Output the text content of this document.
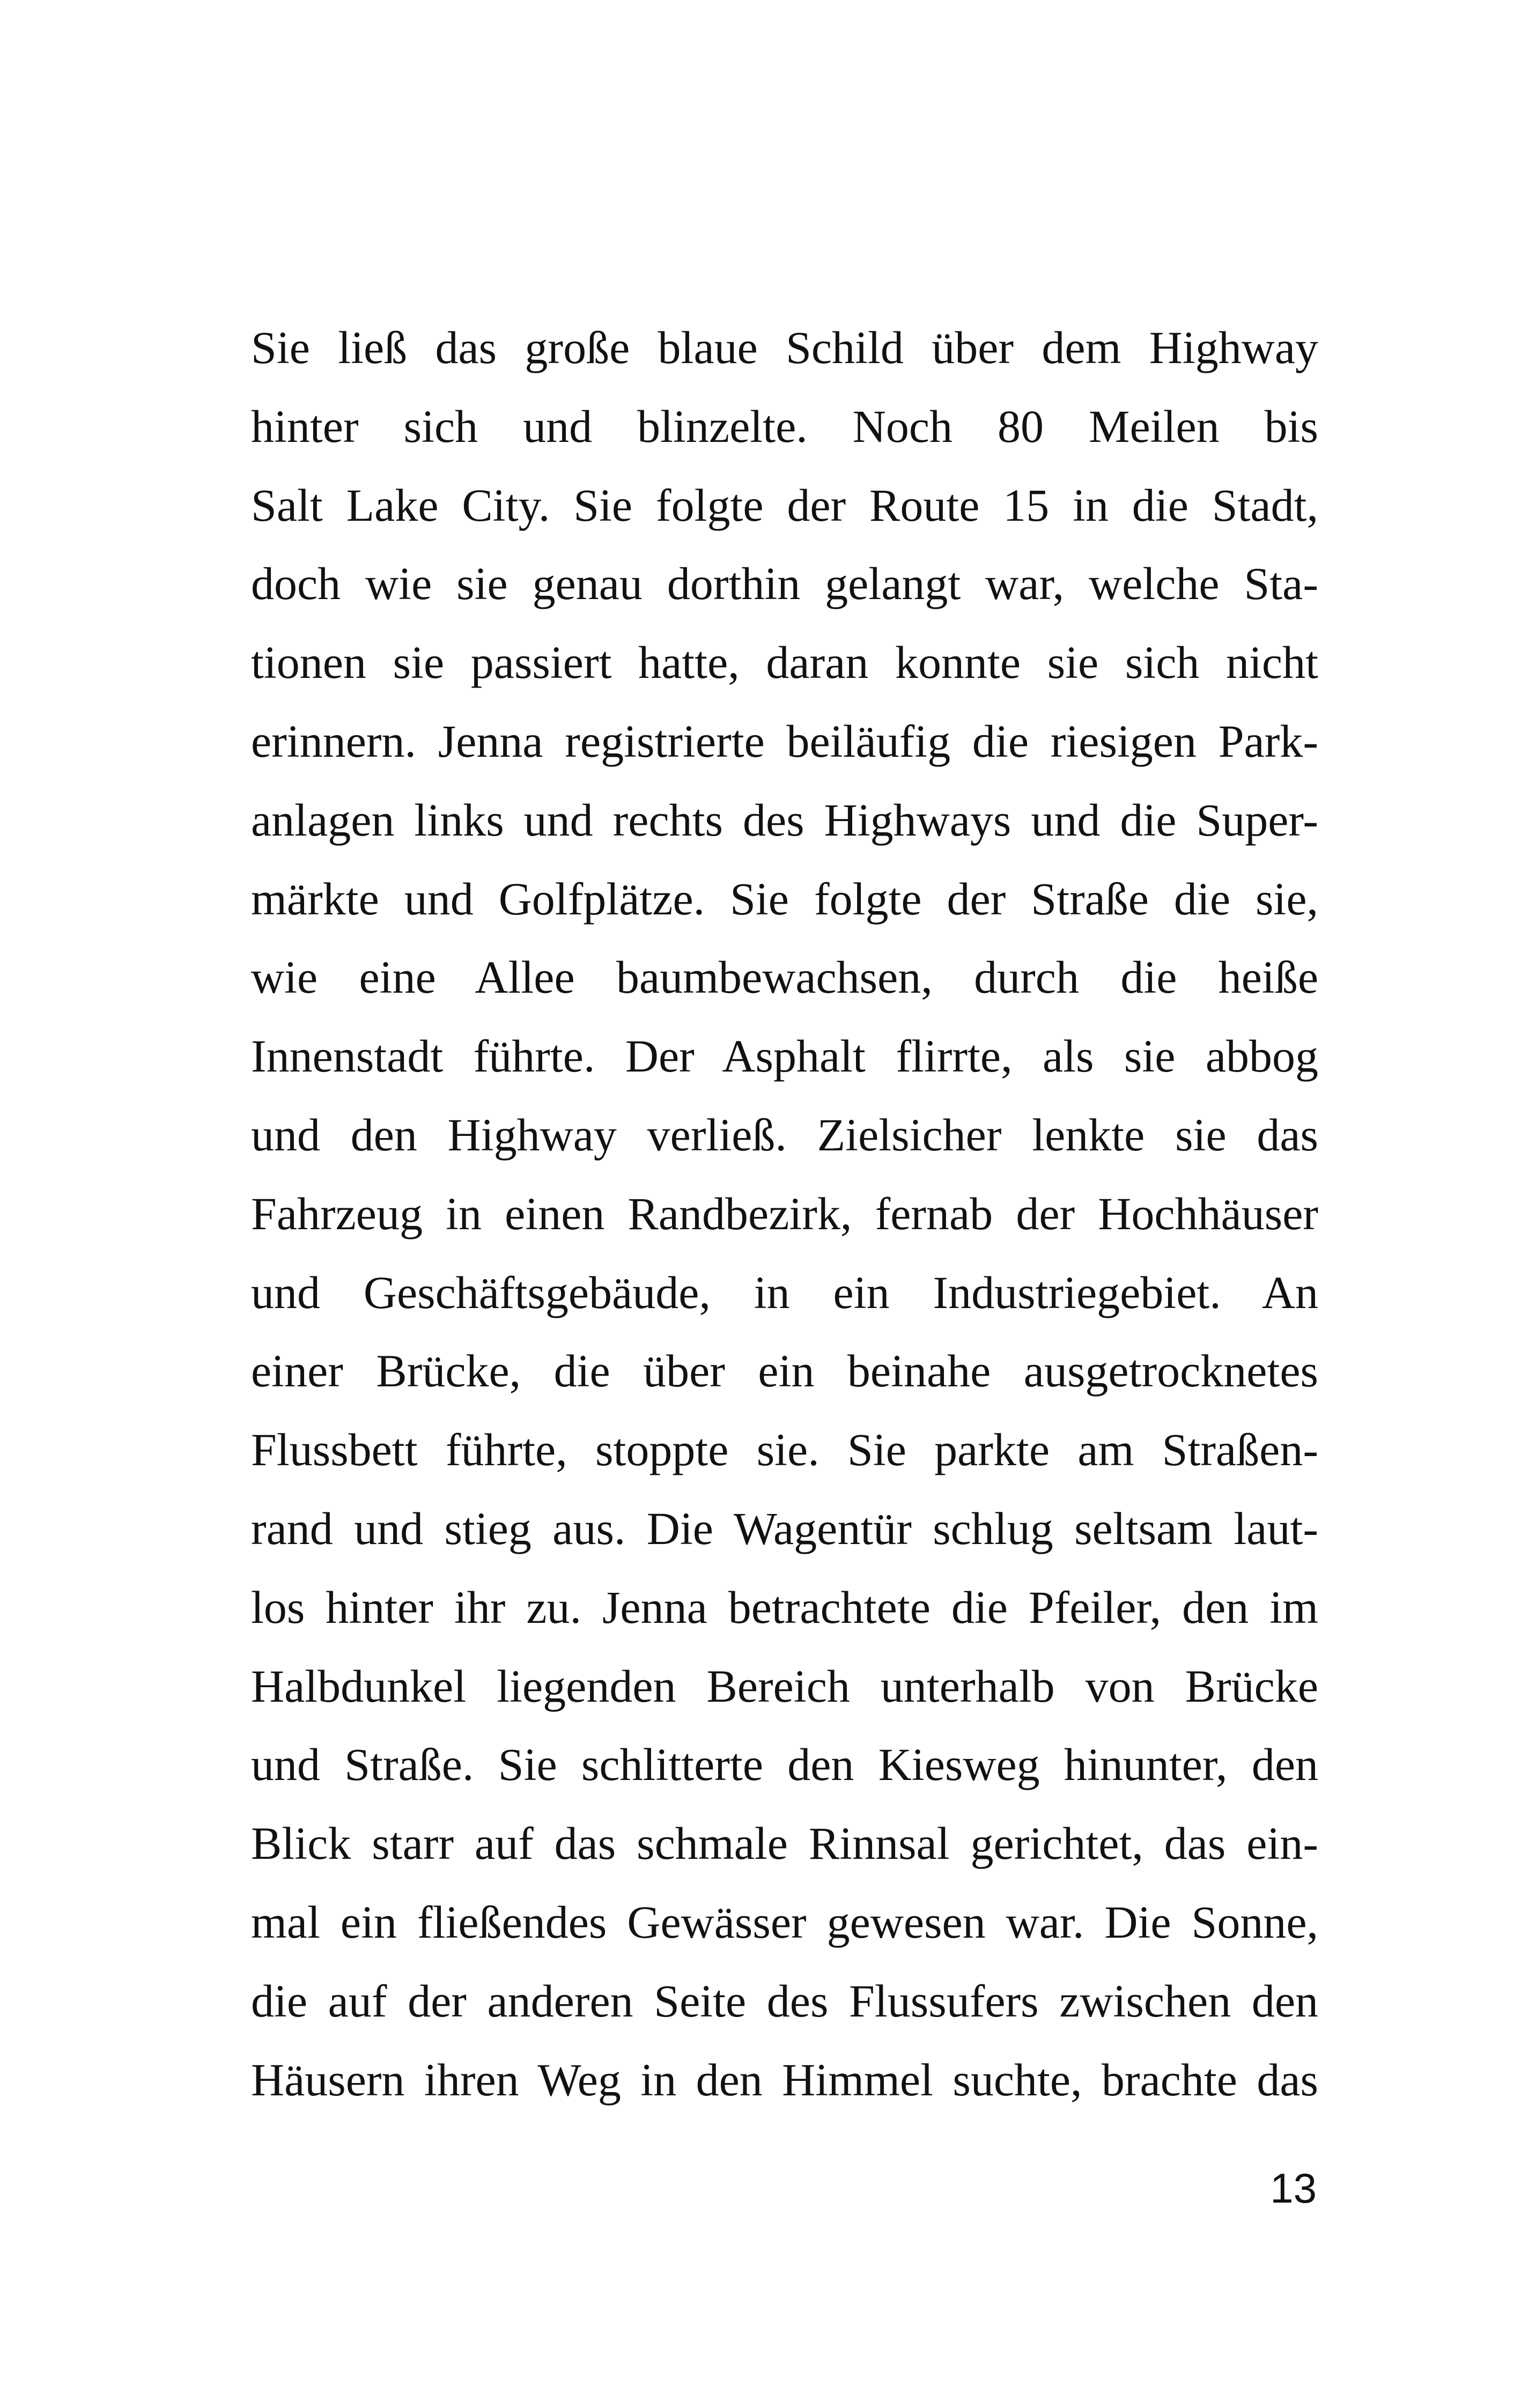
Sie ließ das große blaue Schild über dem Highway
hinter sich und blinzelte. Noch 80 Meilen bis
Salt Lake City. Sie folgte der Route 15 in die Stadt,
doch wie sie genau dorthin gelangt war, welche Sta-
tionen sie passiert hatte, daran konnte sie sich nicht
erinnern. Jenna registrierte beiläufig die riesigen Park-
anlagen links und rechts des Highways und die Super-
märkte und Golfplätze. Sie folgte der Straße die sie,
wie eine Allee baumbewachsen, durch die heiße
Innenstadt führte. Der Asphalt flirrte, als sie abbog
und den Highway verließ. Zielsicher lenkte sie das
Fahrzeug in einen Randbezirk, fernab der Hochhäuser
und Geschäftsgebäude, in ein Industriegebiet. An
einer Brücke, die über ein beinahe ausgetrocknetes
Flussbett führte, stoppte sie. Sie parkte am Straßen-
rand und stieg aus. Die Wagentür schlug seltsam laut-
los hinter ihr zu. Jenna betrachtete die Pfeiler, den im
Halbdunkel liegenden Bereich unterhalb von Brücke
und Straße. Sie schlitterte den Kiesweg hinunter, den
Blick starr auf das schmale Rinnsal gerichtet, das ein-
mal ein fließendes Gewässer gewesen war. Die Sonne,
die auf der anderen Seite des Flussufers zwischen den
Häusern ihren Weg in den Himmel suchte, brachte das
13
